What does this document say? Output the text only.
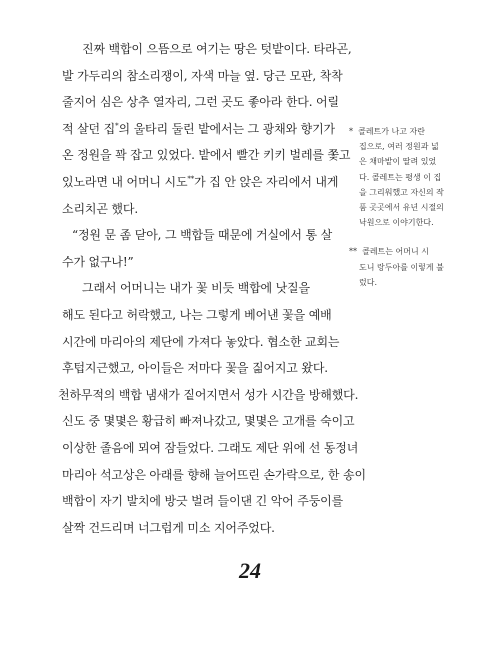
진짜 백합이 으뜸으로 여기는 땅은 텃밭이다. 타라곤,
발 가두리의 참소리쟁이, 자색 마늘 옆. 당근 모판, 착착
줄지어 심은 상추 열자리, 그런 곳도 좋아라 한다. 어릴
적 살던 집*의 울타리 둘린 밭에서는 그 광채와 향기가
온 정원을 꽉 잡고 있었다. 밭에서 빨간 키키 벌레를 쫓고
있노라면 내 어머니 시도**가 집 안 앉은 자리에서 내게
소리치곤 했다.
“정원 문 좀 닫아, 그 백합들 때문에 거실에서 통 살
수가 없구나!”
그래서 어머니는 내가 꽃 비듯 백합에 낫질을
해도 된다고 허락했고, 나는 그렇게 베어낸 꽃을 예배
시간에 마리아의 제단에 가져다 놓았다. 협소한 교회는
후텁지근했고, 아이들은 저마다 꽃을 짊어지고 왔다.
천하무적의 백합 냄새가 짙어지면서 성가 시간을 방해했다.
신도 중 몇몇은 황급히 빠져나갔고, 몇몇은 고개를 숙이고
이상한 졸음에 뫼여 잠들었다. 그래도 제단 위에 선 동정녀
마리아 석고상은 아래를 향해 늘어뜨린 손가락으로, 한 송이
백합이 자기 발치에 방긋 벌려 들이댄 긴 악어 주둥이를
살짝 건드리며 너그럽게 미소 지어주었다.
* 콜레트가 나고 자란
집으로, 여러 정원과 넓
은 채마밭이 딸려 있었
다. 콜레트는 평생 이 집
을 그리워했고 자신의 작
품 곳곳에서 유년 시절의
낙원으로 이야기한다.
** 콜레트는 어머니 시
도니 랑두아를 이렇게 불
렀다.
24
